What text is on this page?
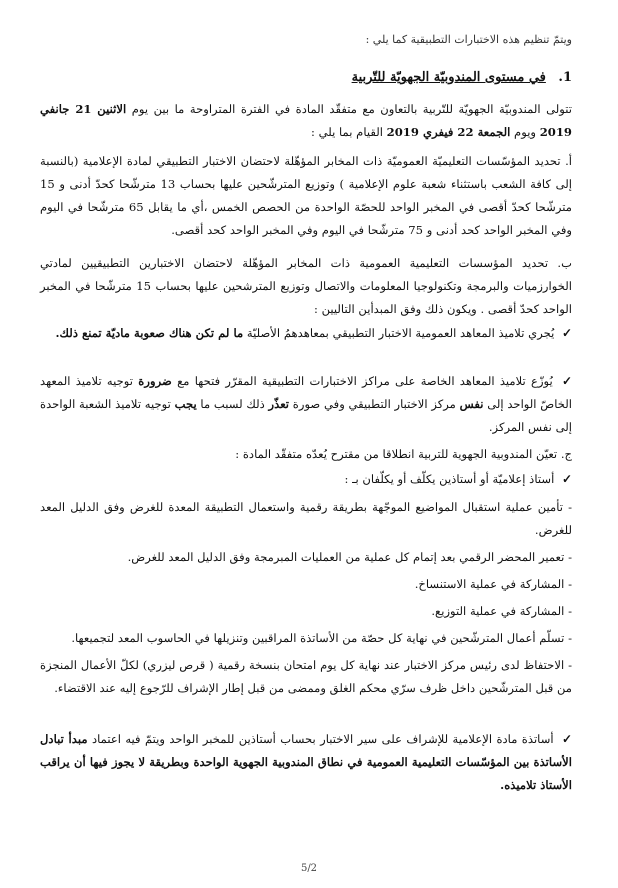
ويتمّ تنظيم هذه الاختبارات التطبيقية كما يلي :
1. في مستوى المندوبيّة الجهويّة للتّربية

تتولى المندوبيّة الجهويّة للتّربية بالتعاون مع متفقّد المادة في الفترة المتراوحة ما بين يوم الاثنين 21 جانفي 2019 ويوم الجمعة 22 فيفري 2019 القيام بما يلي :

أ. تحديد المؤسّسات التعليميّة العموميّة ذات المخابر المؤهّلة لاحتضان الاختبار التطبيقي لمادة الإعلامية (بالنسبة إلى كافة الشعب باستثناء شعبة علوم الإعلامية ) وتوزيع المترشّحين عليها بحساب 13 مترشّحا كحدّ أدنى و 15 مترشّحا كحدّ أقصى في المخبر الواحد للحصّة الواحدة من الحصص الخمس ،أي ما يقابل 65 مترشّحا في اليوم وفي المخبر الواحد كحد أدنى و 75 مترشّحا في اليوم وفي المخبر الواحد كحد أقصى.

ب. تحديد المؤسسات التعليمية العمومية ذات المخابر المؤهّلة لاحتضان الاختبارين التطبيقيين لمادتي الخوارزميات والبرمجة وتكنولوجيا المعلومات والاتصال وتوزيع المترشحين عليها بحساب 15 مترشّحا في المخبر الواحد كحدّ أقصى . ويكون ذلك وفق المبدأين التاليين :

✓ يُجري تلاميذ المعاهد العمومية الاختبار التطبيقي بمعاهدهمُ الأصليّة ما لم تكن هناك صعوبة ماديّة تمنع ذلك.

✓ يُوزّع تلاميذ المعاهد الخاصة على مراكز الاختبارات التطبيقية المقرّر فتحها مع ضرورة توجيه تلاميذ المعهد الخاصّ الواحد إلى نفس مركز الاختبار التطبيقي وفي صورة تعذّر ذلك لسبب ما يجب توجيه تلاميذ الشعبة الواحدة إلى نفس المركز.

ج. تعيّن المندوبية الجهوية للتربية انطلاقا من مقترح يُعدّه متفقّد المادة :

✓ أستاذ إعلاميّة أو أستاذين يكلّف أو يكلّفان بـ :

- تأمين عملية استقبال المواضيع الموجّهة بطريقة رقمية واستعمال التطبيقة المعدة للغرض وفق الدليل المعد للغرض.

- تعمير المحضر الرقمي بعد إتمام كل عملية من العمليات المبرمجة وفق الدليل المعد للغرض.

- المشاركة في عملية الاستنساخ.

- المشاركة في عملية التوزيع.

- تسلّم أعمال المترشّحين في نهاية كل حصّة من الأساتذة المراقبين وتنزيلها في الحاسوب المعد لتجميعها.

- الاحتفاظ لدى رئيس مركز الاختبار عند نهاية كل يوم امتحان بنسخة رقمية ( قرص ليزري) لكلّ الأعمال المنجزة من قبل المترشّحين داخل ظرف سرّي محكم الغلق وممضى من قبل إطار الإشراف للرّجوع إليه عند الاقتضاء.

✓ أساتذة مادة الإعلامية للإشراف على سير الاختبار بحساب أستاذين للمخبر الواحد ويتمّ فيه اعتماد مبدأ تبادل الأساتذة بين المؤسّسات التعليمية العمومية في نطاق المندوبية الجهوية الواحدة وبطريقة لا يجوز فيها أن يراقب الأستاذ تلاميذه.

5/2
